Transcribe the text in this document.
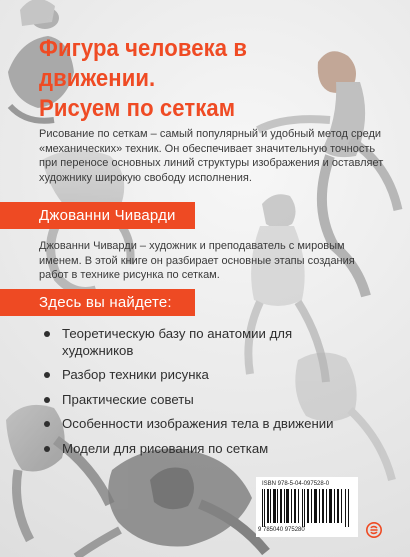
Фигура человека в движении.
Рисуем по сеткам

Рисование по сеткам – самый популярный и удобный метод среди «механических» техник. Он обеспечивает значительную точность при переносе основных линий структуры изображения и оставляет художнику широкую свободу исполнения.

Джованни Чиварди

Джованни Чиварди – художник и преподаватель с мировым именем. В этой книге он разбирает основные этапы создания работ в технике рисунка по сеткам.

Здесь вы найдете:
Теоретическую базу по анатомии для художников
Разбор техники рисунка
Практические советы
Особенности изображения тела в движении
Модели для рисования по сеткам
ISBN 978-5-04-097528-0
9 785040 975280
